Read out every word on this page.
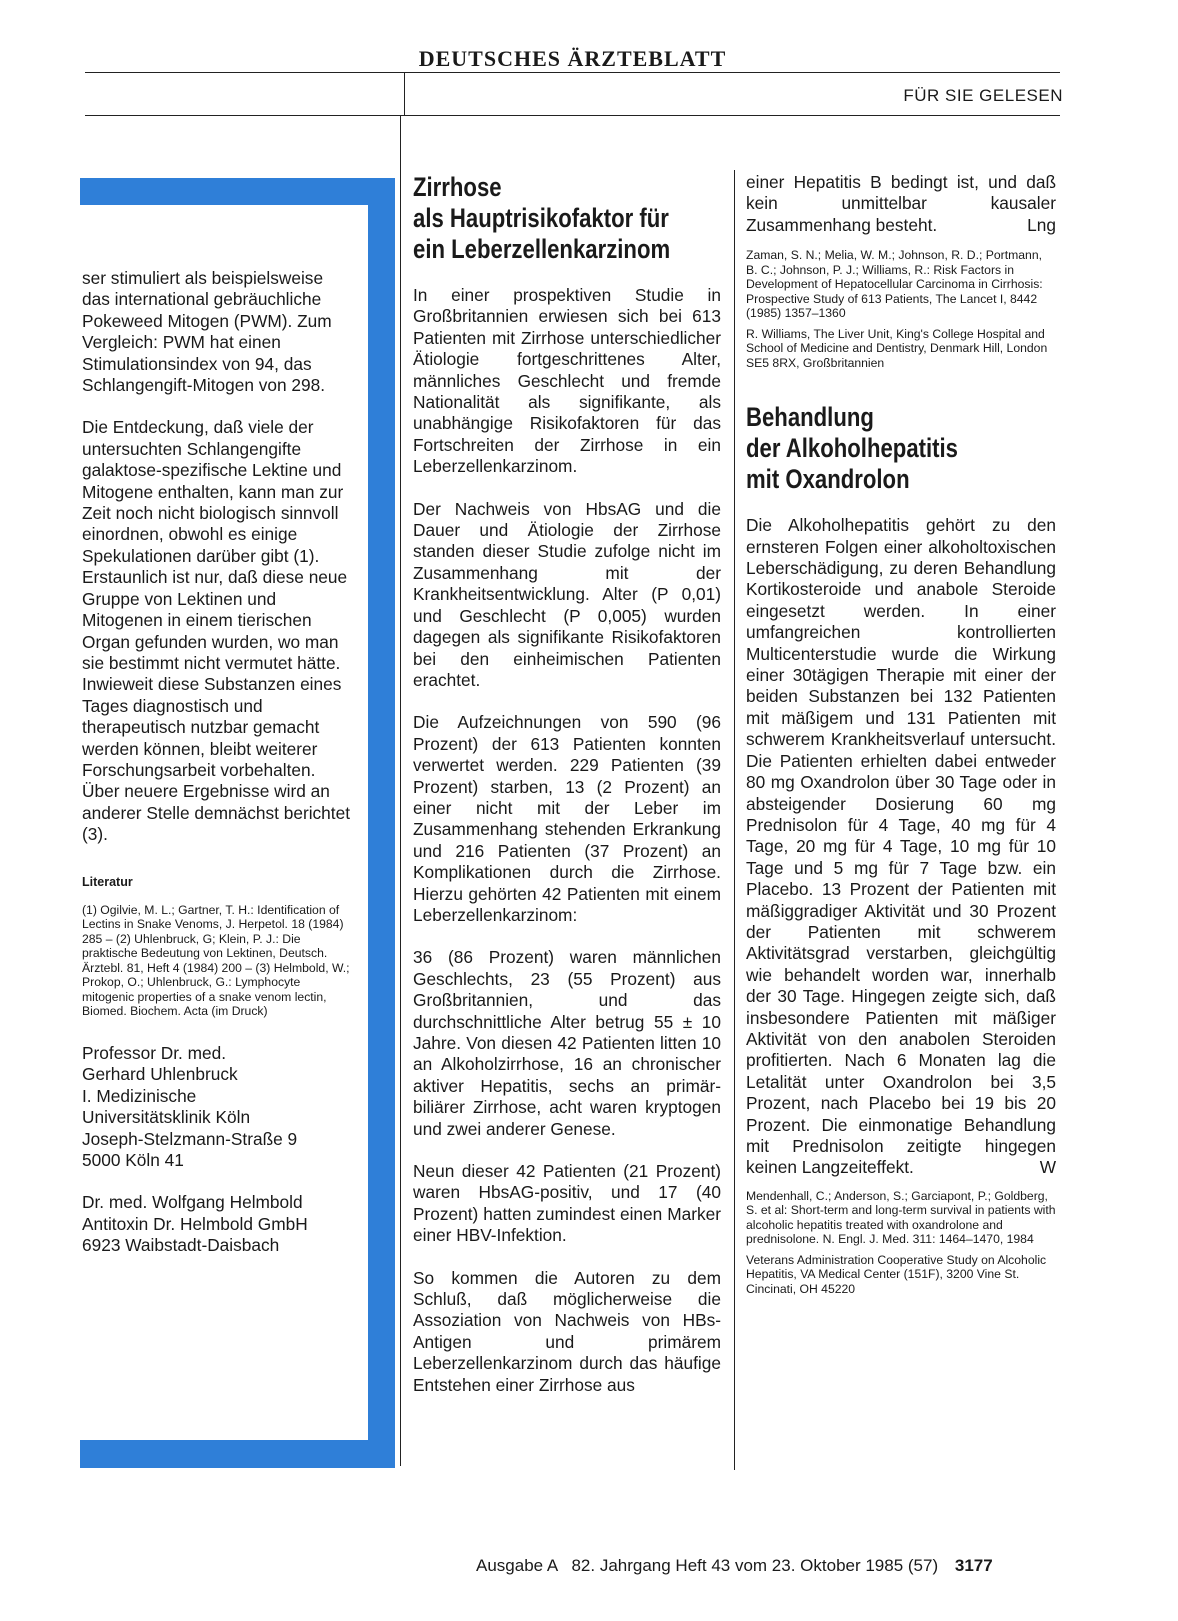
DEUTSCHES ÄRZTEBLATT
FÜR SIE GELESEN

ser stimuliert als beispielsweise das international gebräuchliche Pokeweed Mitogen (PWM). Zum Vergleich: PWM hat einen Stimulationsindex von 94, das Schlangengift-Mitogen von 298.

Die Entdeckung, daß viele der untersuchten Schlangengifte galaktose-spezifische Lektine und Mitogene enthalten, kann man zur Zeit noch nicht biologisch sinnvoll einordnen, obwohl es einige Spekulationen darüber gibt (1). Erstaunlich ist nur, daß diese neue Gruppe von Lektinen und Mitogenen in einem tierischen Organ gefunden wurden, wo man sie bestimmt nicht vermutet hätte. Inwieweit diese Substanzen eines Tages diagnostisch und therapeutisch nutzbar gemacht werden können, bleibt weiterer Forschungsarbeit vorbehalten. Über neuere Ergebnisse wird an anderer Stelle demnächst berichtet (3).

Literatur
(1) Ogilvie, M. L.; Gartner, T. H.: Identification of Lectins in Snake Venoms, J. Herpetol. 18 (1984) 285 – (2) Uhlenbruck, G; Klein, P. J.: Die praktische Bedeutung von Lektinen, Deutsch. Ärztebl. 81, Heft 4 (1984) 200 – (3) Helmbold, W.; Prokop, O.; Uhlenbruck, G.: Lymphocyte mitogenic properties of a snake venom lectin, Biomed. Biochem. Acta (im Druck)
Professor Dr. med.
Gerhard Uhlenbruck
I. Medizinische
Universitätsklinik Köln
Joseph-Stelzmann-Straße 9
5000 Köln 41
Dr. med. Wolfgang Helmbold
Antitoxin Dr. Helmbold GmbH
6923 Waibstadt-Daisbach
Zirrhose
als Hauptrisikofaktor für
ein Leberzellenkarzinom

In einer prospektiven Studie in Großbritannien erwiesen sich bei 613 Patienten mit Zirrhose unterschiedlicher Ätiologie fortgeschrittenes Alter, männliches Geschlecht und fremde Nationalität als signifikante, als unabhängige Risikofaktoren für das Fortschreiten der Zirrhose in ein Leberzellenkarzinom.

Der Nachweis von HbsAG und die Dauer und Ätiologie der Zirrhose standen dieser Studie zufolge nicht im Zusammenhang mit der Krankheitsentwicklung. Alter (P 0,01) und Geschlecht (P 0,005) wurden dagegen als signifikante Risikofaktoren bei den einheimischen Patienten erachtet.

Die Aufzeichnungen von 590 (96 Prozent) der 613 Patienten konnten verwertet werden. 229 Patienten (39 Prozent) starben, 13 (2 Prozent) an einer nicht mit der Leber im Zusammenhang stehenden Erkrankung und 216 Patienten (37 Prozent) an Komplikationen durch die Zirrhose. Hierzu gehörten 42 Patienten mit einem Leberzellenkarzinom:

36 (86 Prozent) waren männlichen Geschlechts, 23 (55 Prozent) aus Großbritannien, und das durchschnittliche Alter betrug 55 ± 10 Jahre. Von diesen 42 Patienten litten 10 an Alkoholzirrhose, 16 an chronischer aktiver Hepatitis, sechs an primär-biliärer Zirrhose, acht waren kryptogen und zwei anderer Genese.

Neun dieser 42 Patienten (21 Prozent) waren HbsAG-positiv, und 17 (40 Prozent) hatten zumindest einen Marker einer HBV-Infektion.

So kommen die Autoren zu dem Schluß, daß möglicherweise die Assoziation von Nachweis von HBs-Antigen und primärem Leberzellenkarzinom durch das häufige Entstehen einer Zirrhose aus

einer Hepatitis B bedingt ist, und daß kein unmittelbar kausaler Zusammenhang besteht.	Lng

Zaman, S. N.; Melia, W. M.; Johnson, R. D.; Portmann, B. C.; Johnson, P. J.; Williams, R.: Risk Factors in Development of Hepatocellular Carcinoma in Cirrhosis: Prospective Study of 613 Patients, The Lancet I, 8442 (1985) 1357–1360
R. Williams, The Liver Unit, King's College Hospital and School of Medicine and Dentistry, Denmark Hill, London SE5 8RX, Großbritannien
Behandlung
der Alkoholhepatitis
mit Oxandrolon

Die Alkoholhepatitis gehört zu den ernsteren Folgen einer alkoholtoxischen Leberschädigung, zu deren Behandlung Kortikosteroide und anabole Steroide eingesetzt werden. In einer umfangreichen kontrollierten Multicenterstudie wurde die Wirkung einer 30tägigen Therapie mit einer der beiden Substanzen bei 132 Patienten mit mäßigem und 131 Patienten mit schwerem Krankheitsverlauf untersucht. Die Patienten erhielten dabei entweder 80 mg Oxandrolon über 30 Tage oder in absteigender Dosierung 60 mg Prednisolon für 4 Tage, 40 mg für 4 Tage, 20 mg für 4 Tage, 10 mg für 10 Tage und 5 mg für 7 Tage bzw. ein Placebo. 13 Prozent der Patienten mit mäßiggradiger Aktivität und 30 Prozent der Patienten mit schwerem Aktivitätsgrad verstarben, gleichgültig wie behandelt worden war, innerhalb der 30 Tage. Hingegen zeigte sich, daß insbesondere Patienten mit mäßiger Aktivität von den anabolen Steroiden profitierten. Nach 6 Monaten lag die Letalität unter Oxandrolon bei 3,5 Prozent, nach Placebo bei 19 bis 20 Prozent. Die einmonatige Behandlung mit Prednisolon zeitigte hingegen keinen Langzeiteffekt.	W

Mendenhall, C.; Anderson, S.; Garciapont, P.; Goldberg, S. et al: Short-term and long-term survival in patients with alcoholic hepatitis treated with oxandrolone and prednisolone. N. Engl. J. Med. 311: 1464–1470, 1984
Veterans Administration Cooperative Study on Alcoholic Hepatitis, VA Medical Center (151F), 3200 Vine St. Cincinati, OH 45220
Ausgabe A   82. Jahrgang Heft 43 vom 23. Oktober 1985 (57) 3177
